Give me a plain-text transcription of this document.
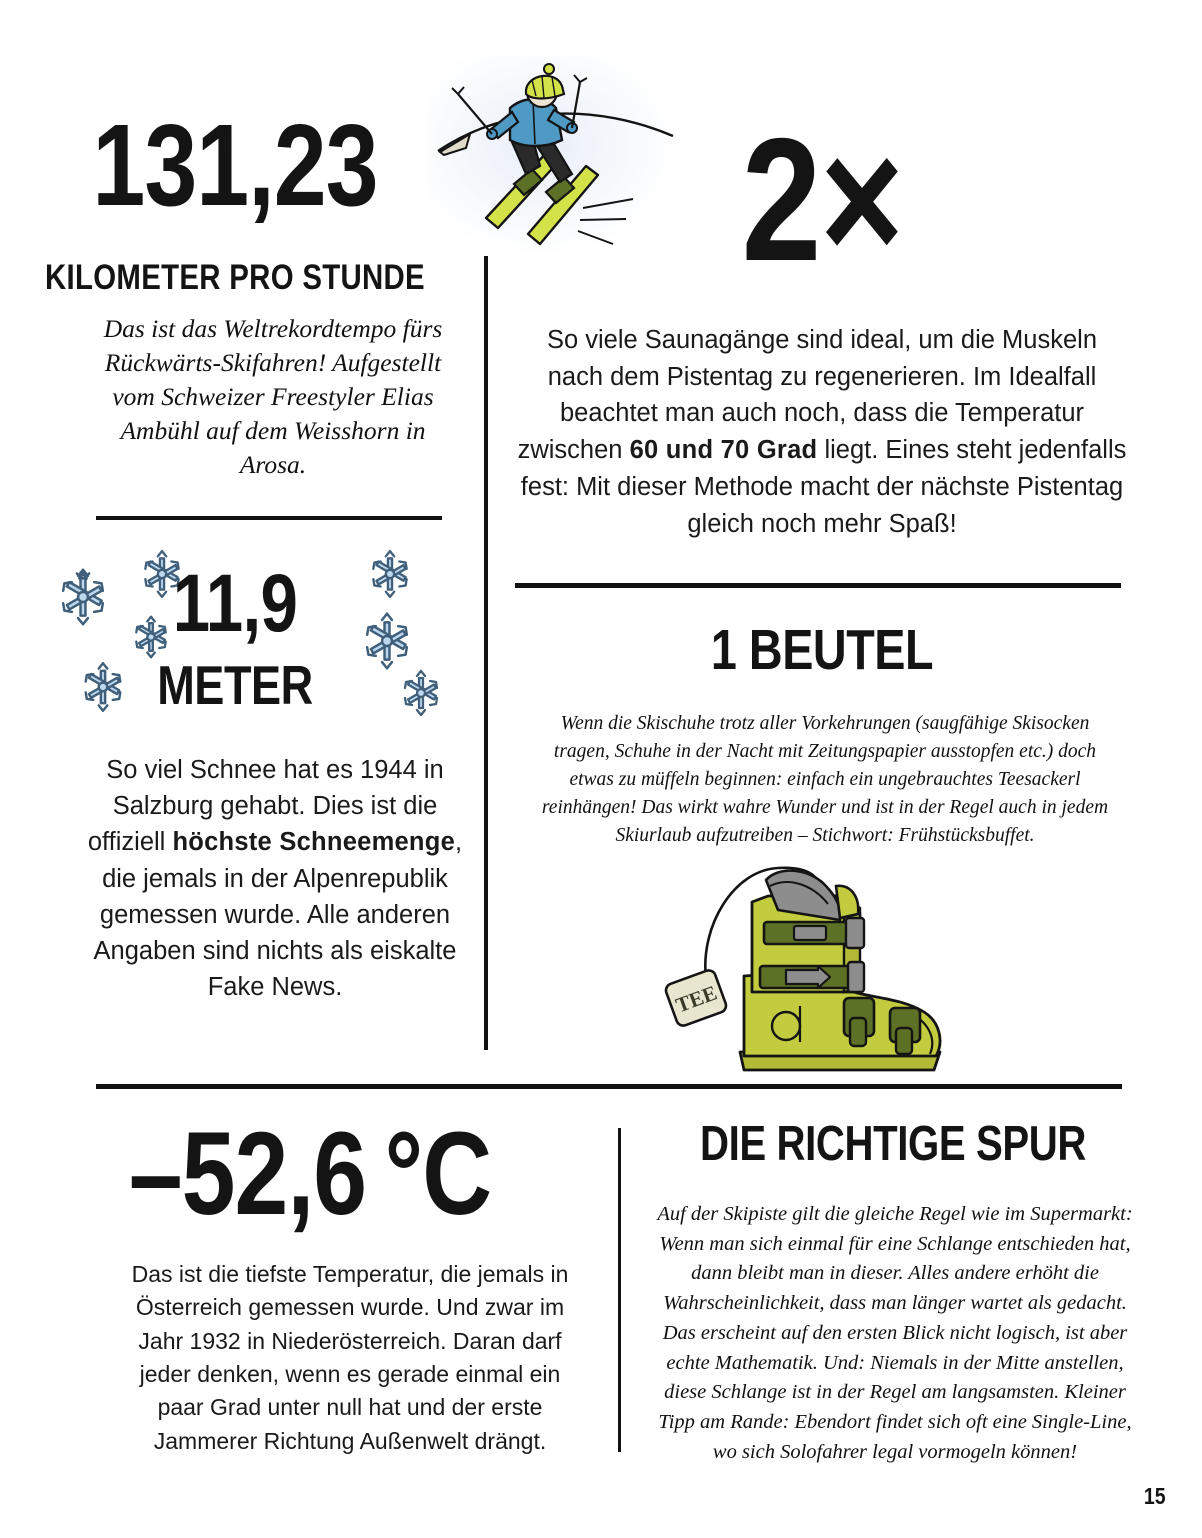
131,23
KILOMETER PRO STUNDE
Das ist das Weltrekordtempo fürs Rückwärts-Skifahren! Aufgestellt vom Schweizer Freestyler Elias Ambühl auf dem Weisshorn in Arosa.
11,9
METER
So viel Schnee hat es 1944 in Salzburg gehabt. Dies ist die offiziell höchste Schneemenge, die jemals in der Alpenrepublik gemessen wurde. Alle anderen Angaben sind nichts als eiskalte Fake News.
2×
So viele Saunagänge sind ideal, um die Muskeln nach dem Pistentag zu regenerieren. Im Idealfall beachtet man auch noch, dass die Temperatur zwischen 60 und 70 Grad liegt. Eines steht jedenfalls fest: Mit dieser Methode macht der nächste Pistentag gleich noch mehr Spaß!
1 BEUTEL
Wenn die Skischuhe trotz aller Vorkehrungen (saugfähige Skisocken tragen, Schuhe in der Nacht mit Zeitungspapier ausstopfen etc.) doch etwas zu müffeln beginnen: einfach ein ungebrauchtes Teesackerl reinhängen! Das wirkt wahre Wunder und ist in der Regel auch in jedem Skiurlaub aufzutreiben – Stichwort: Frühstücksbuffet.
TEE
–52,6 °C
Das ist die tiefste Temperatur, die jemals in Österreich gemessen wurde. Und zwar im Jahr 1932 in Niederösterreich. Daran darf jeder denken, wenn es gerade einmal ein paar Grad unter null hat und der erste Jammerer Richtung Außenwelt drängt.
DIE RICHTIGE SPUR
Auf der Skipiste gilt die gleiche Regel wie im Supermarkt: Wenn man sich einmal für eine Schlange entschieden hat, dann bleibt man in dieser. Alles andere erhöht die Wahrscheinlichkeit, dass man länger wartet als gedacht. Das erscheint auf den ersten Blick nicht logisch, ist aber echte Mathematik. Und: Niemals in der Mitte anstellen, diese Schlange ist in der Regel am langsamsten. Kleiner Tipp am Rande: Ebendort findet sich oft eine Single-Line, wo sich Solofahrer legal vormogeln können!
15
